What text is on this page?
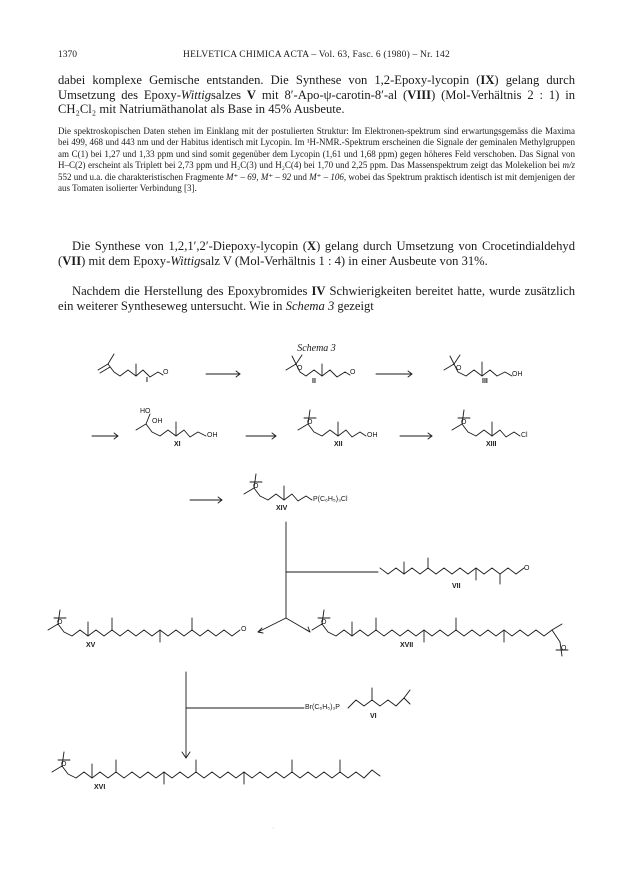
1370	HELVETICA CHIMICA ACTA – Vol. 63, Fasc. 6 (1980) – Nr. 142
dabei komplexe Gemische entstanden. Die Synthese von 1,2-Epoxy-lycopin (IX) gelang durch Umsetzung des Epoxy-Wittigsalzes V mit 8′-Apo-ψ-carotin-8′-al (VIII) (Mol-Verhältnis 2 : 1) in CH₂Cl₂ mit Natriumäthanolat als Base in 45% Ausbeute.
Die spektroskopischen Daten stehen im Einklang mit der postulierten Struktur: Im Elektronen-spektrum sind erwartungsgemäss die Maxima bei 499, 468 und 443 nm und der Habitus identisch mit Lycopin. Im ¹H-NMR.-Spektrum erscheinen die Signale der geminalen Methylgruppen am C(1) bei 1,27 und 1,33 ppm und sind somit gegenüber dem Lycopin (1,61 und 1,68 ppm) gegen höheres Feld verschoben. Das Signal von H–C(2) erscheint als Triplett bei 2,73 ppm und H₂C(3) und H₂C(4) bei 1,70 und 2,25 ppm. Das Massenspektrum zeigt das Molekelion bei m/z 552 und u.a. die charakteristischen Fragmente M⁺ – 69, M⁺ – 92 und M⁺ – 106, wobei das Spektrum praktisch identisch ist mit demjenigen der aus Tomaten isolierter Verbindung [3].
Die Synthese von 1,2,1′,2′-Diepoxy-lycopin (X) gelang durch Umsetzung von Crocetindialdehyd (VII) mit dem Epoxy-Wittigsalz V (Mol-Verhältnis 1 : 4) in einer Ausbeute von 31%.
Nachdem die Herstellung des Epoxybromides IV Schwierigkeiten bereitet hatte, wurde zusätzlich ein weiterer Syntheseweg untersucht. Wie in Schema 3 gezeigt
Schema 3
O
I
O
O
II
O
OH
III
HO
OH
OH
XI
O
OH
XII
O
Cl
XIII
O
P(C₆H₅)₃Cl
XIV
O
VII
O
O
XV
O
O
XVII
Br(C₆H₅)₃P
VI
O
XVI
·
